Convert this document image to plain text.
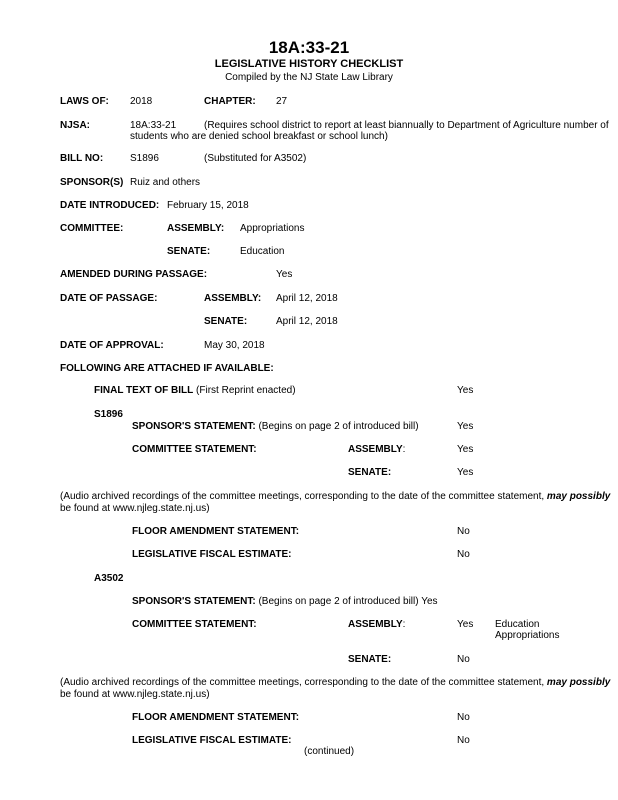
18A:33-21
LEGISLATIVE HISTORY CHECKLIST
Compiled by the NJ State Law Library
LAWS OF: 2018	CHAPTER: 27
NJSA:	18A:33-21	(Requires school district to report at least biannually to Department of Agriculture number of
students who are denied school breakfast or school lunch)
BILL NO:	S1896	(Substituted for A3502)
SPONSOR(S) Ruiz and others
DATE INTRODUCED: February 15, 2018
COMMITTEE:	ASSEMBLY: Appropriations
SENATE:	Education
AMENDED DURING PASSAGE:	Yes
DATE OF PASSAGE:	ASSEMBLY: April 12, 2018
SENATE:	April 12, 2018
DATE OF APPROVAL:	May 30, 2018
FOLLOWING ARE ATTACHED IF AVAILABLE:
FINAL TEXT OF BILL (First Reprint enacted)	Yes
S1896
SPONSOR'S STATEMENT: (Begins on page 2 of introduced bill)	Yes
COMMITTEE STATEMENT:	ASSEMBLY:	Yes
SENATE:	Yes
(Audio archived recordings of the committee meetings, corresponding to the date of the committee statement, may possibly
be found at www.njleg.state.nj.us)
FLOOR AMENDMENT STATEMENT:	No
LEGISLATIVE FISCAL ESTIMATE:	No
A3502
SPONSOR'S STATEMENT: (Begins on page 2 of introduced bill) Yes
COMMITTEE STATEMENT:	ASSEMBLY:	Yes Education
Appropriations
SENATE:	No
(Audio archived recordings of the committee meetings, corresponding to the date of the committee statement, may possibly
be found at www.njleg.state.nj.us)
FLOOR AMENDMENT STATEMENT:	No
LEGISLATIVE FISCAL ESTIMATE:	No
(continued)
